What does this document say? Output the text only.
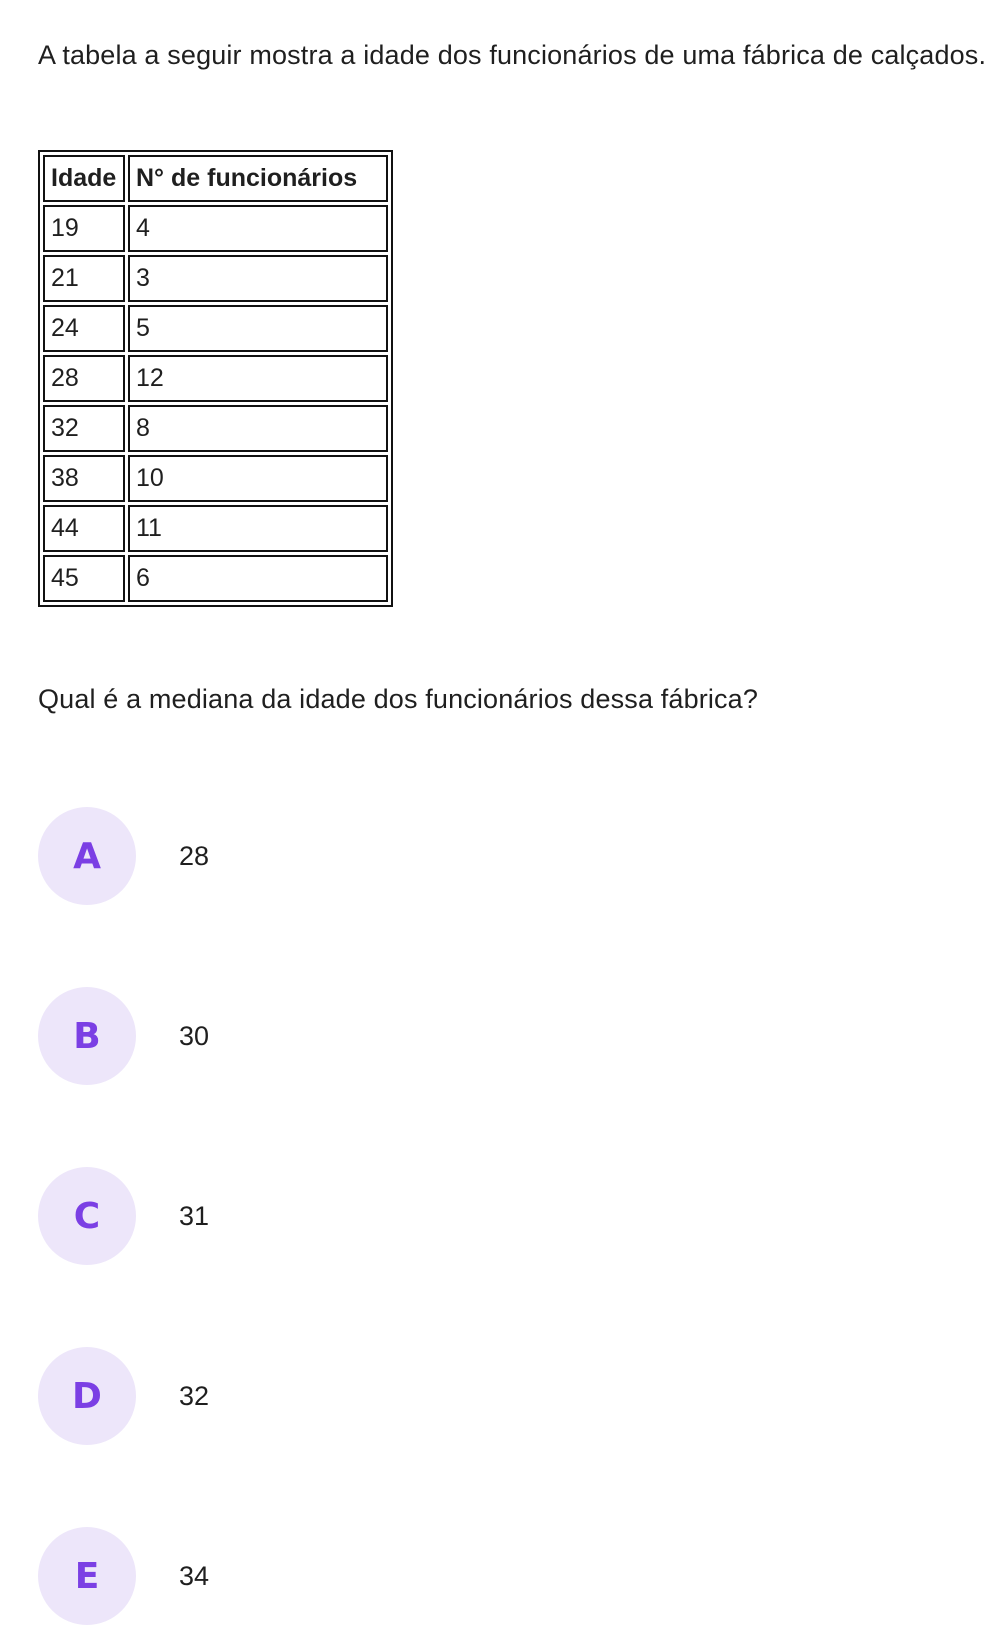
A tabela a seguir mostra a idade dos funcionários de uma fábrica de calçados.

Idade	N° de funcionários
19	4
21	3
24	5
28	12
32	8
38	10
44	11
45	6

Qual é a mediana da idade dos funcionários dessa fábrica?

A	28
B	30
C	31
D	32
E	34
